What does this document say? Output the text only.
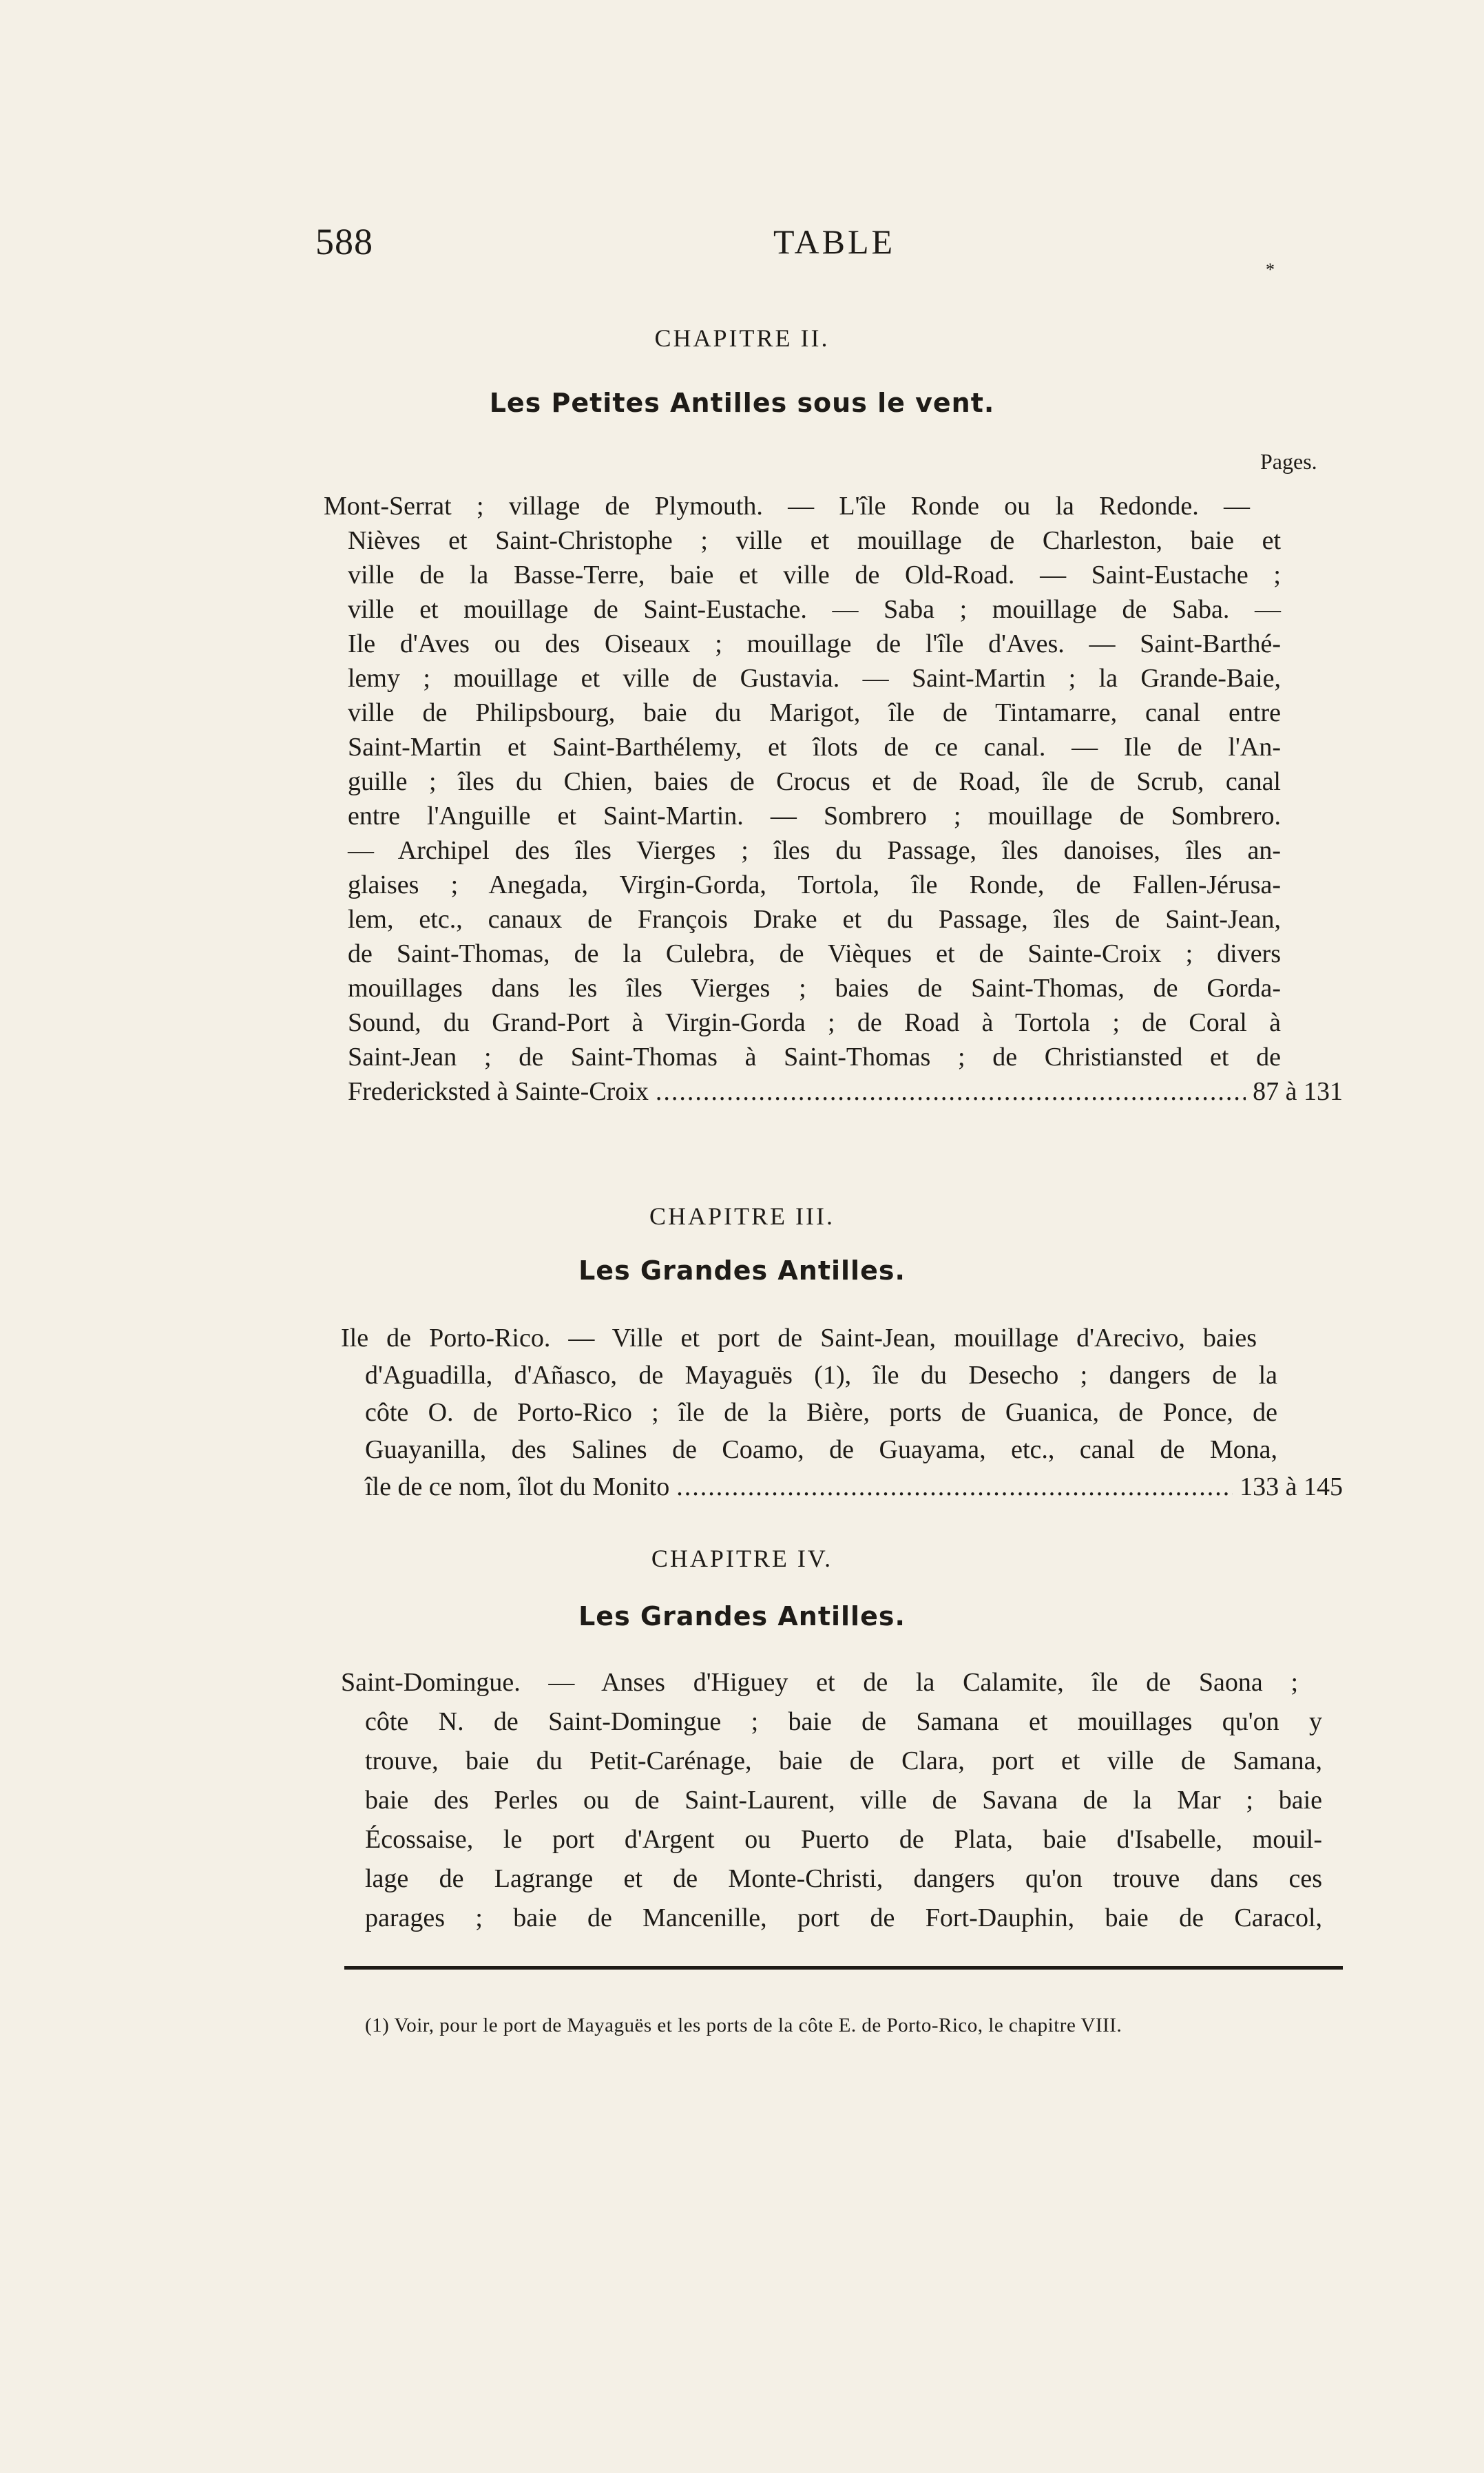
588	TABLE
*
CHAPITRE II.
Les Petites Antilles sous le vent.
Pages.
Mont-Serrat ; village de Plymouth. — L'île Ronde ou la Redonde. —
Nièves et Saint-Christophe ; ville et mouillage de Charleston, baie et
ville de la Basse-Terre, baie et ville de Old-Road. — Saint-Eustache ;
ville et mouillage de Saint-Eustache. — Saba ; mouillage de Saba. —
Ile d'Aves ou des Oiseaux ; mouillage de l'île d'Aves. — Saint-Barthé-
lemy ; mouillage et ville de Gustavia. — Saint-Martin ; la Grande-Baie,
ville de Philipsbourg, baie du Marigot, île de Tintamarre, canal entre
Saint-Martin et Saint-Barthélemy, et îlots de ce canal. — Ile de l'An-
guille ; îles du Chien, baies de Crocus et de Road, île de Scrub, canal
entre l'Anguille et Saint-Martin. — Sombrero ; mouillage de Sombrero.
— Archipel des îles Vierges ; îles du Passage, îles danoises, îles an-
glaises ; Anegada, Virgin-Gorda, Tortola, île Ronde, de Fallen-Jérusa-
lem, etc., canaux de François Drake et du Passage, îles de Saint-Jean,
de Saint-Thomas, de la Culebra, de Vièques et de Sainte-Croix ; divers
mouillages dans les îles Vierges ; baies de Saint-Thomas, de Gorda-
Sound, du Grand-Port à Virgin-Gorda ; de Road à Tortola ; de Coral à
Saint-Jean ; de Saint-Thomas à Saint-Thomas ; de Christiansted et de
Fredericksted à Sainte-Croix .....	87 à 131
CHAPITRE III.
Les Grandes Antilles.
Ile de Porto-Rico. — Ville et port de Saint-Jean, mouillage d'Arecivo, baies
d'Aguadilla, d'Añasco, de Mayaguës (1), île du Desecho ; dangers de la
côte O. de Porto-Rico ; île de la Bière, ports de Guanica, de Ponce, de
Guayanilla, des Salines de Coamo, de Guayama, etc., canal de Mona,
île de ce nom, îlot du Monito .....	133 à 145
CHAPITRE IV.
Les Grandes Antilles.
Saint-Domingue. — Anses d'Higuey et de la Calamite, île de Saona ;
côte N. de Saint-Domingue ; baie de Samana et mouillages qu'on y
trouve, baie du Petit-Carénage, baie de Clara, port et ville de Samana,
baie des Perles ou de Saint-Laurent, ville de Savana de la Mar ; baie
Écossaise, le port d'Argent ou Puerto de Plata, baie d'Isabelle, mouil-
lage de Lagrange et de Monte-Christi, dangers qu'on trouve dans ces
parages ; baie de Mancenille, port de Fort-Dauphin, baie de Caracol,
(1) Voir, pour le port de Mayaguës et les ports de la côte E. de Porto-Rico, le chapitre VIII.
